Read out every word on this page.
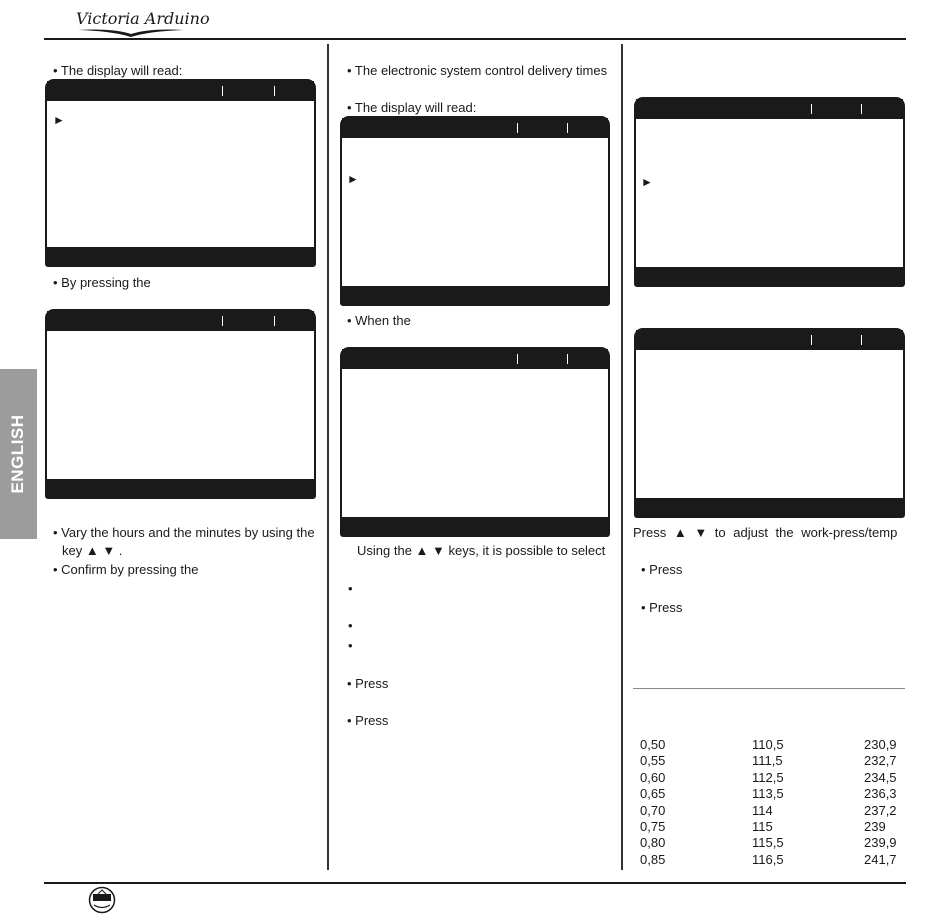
Victoria Arduino
ENGLISH
• The display will read:
►
• By pressing the
• Vary the hours and the minutes by using the
key ▲ ▼ .
• Confirm by pressing the
• The electronic system control delivery times
• The display will read:
►
• When the
Using the ▲ ▼ keys, it is possible to select
•
•
•
• Press
• Press
►
Press ▲ ▼ to adjust the work-press/temp
• Press
• Press
0,50	110,5	230,9
0,55	111,5	232,7
0,60	112,5	234,5
0,65	113,5	236,3
0,70	114	237,2
0,75	115	239
0,80	115,5	239,9
0,85	116,5	241,7
